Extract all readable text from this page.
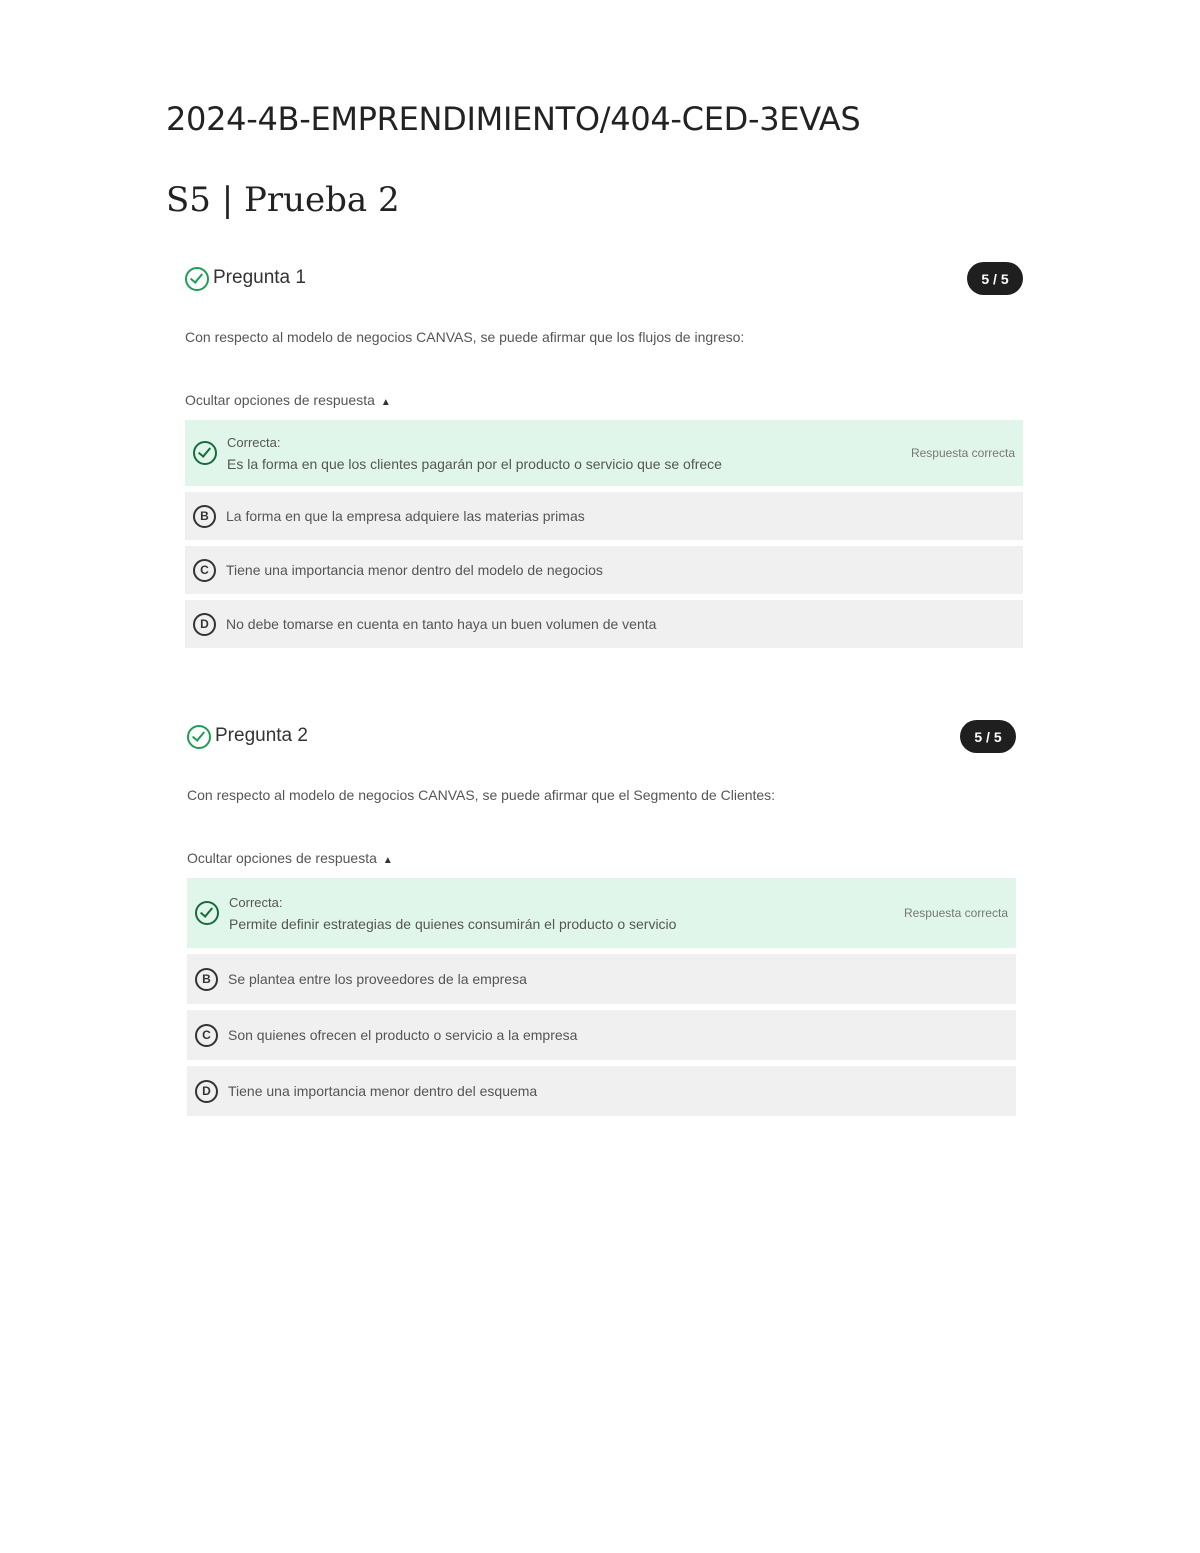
2024-4B-EMPRENDIMIENTO/404-CED-3EVAS
S5 | Prueba 2
Pregunta 1	5 / 5
Con respecto al modelo de negocios CANVAS, se puede afirmar que los flujos de ingreso:
Ocultar opciones de respuesta ▲
Correcta:
Es la forma en que los clientes pagarán por el producto o servicio que se ofrece
Respuesta correcta
B	La forma en que la empresa adquiere las materias primas
C	Tiene una importancia menor dentro del modelo de negocios
D	No debe tomarse en cuenta en tanto haya un buen volumen de venta
Pregunta 2	5 / 5
Con respecto al modelo de negocios CANVAS, se puede afirmar que el Segmento de Clientes:
Ocultar opciones de respuesta ▲
Correcta:
Permite definir estrategias de quienes consumirán el producto o servicio
Respuesta correcta
B	Se plantea entre los proveedores de la empresa
C	Son quienes ofrecen el producto o servicio a la empresa
D	Tiene una importancia menor dentro del esquema
